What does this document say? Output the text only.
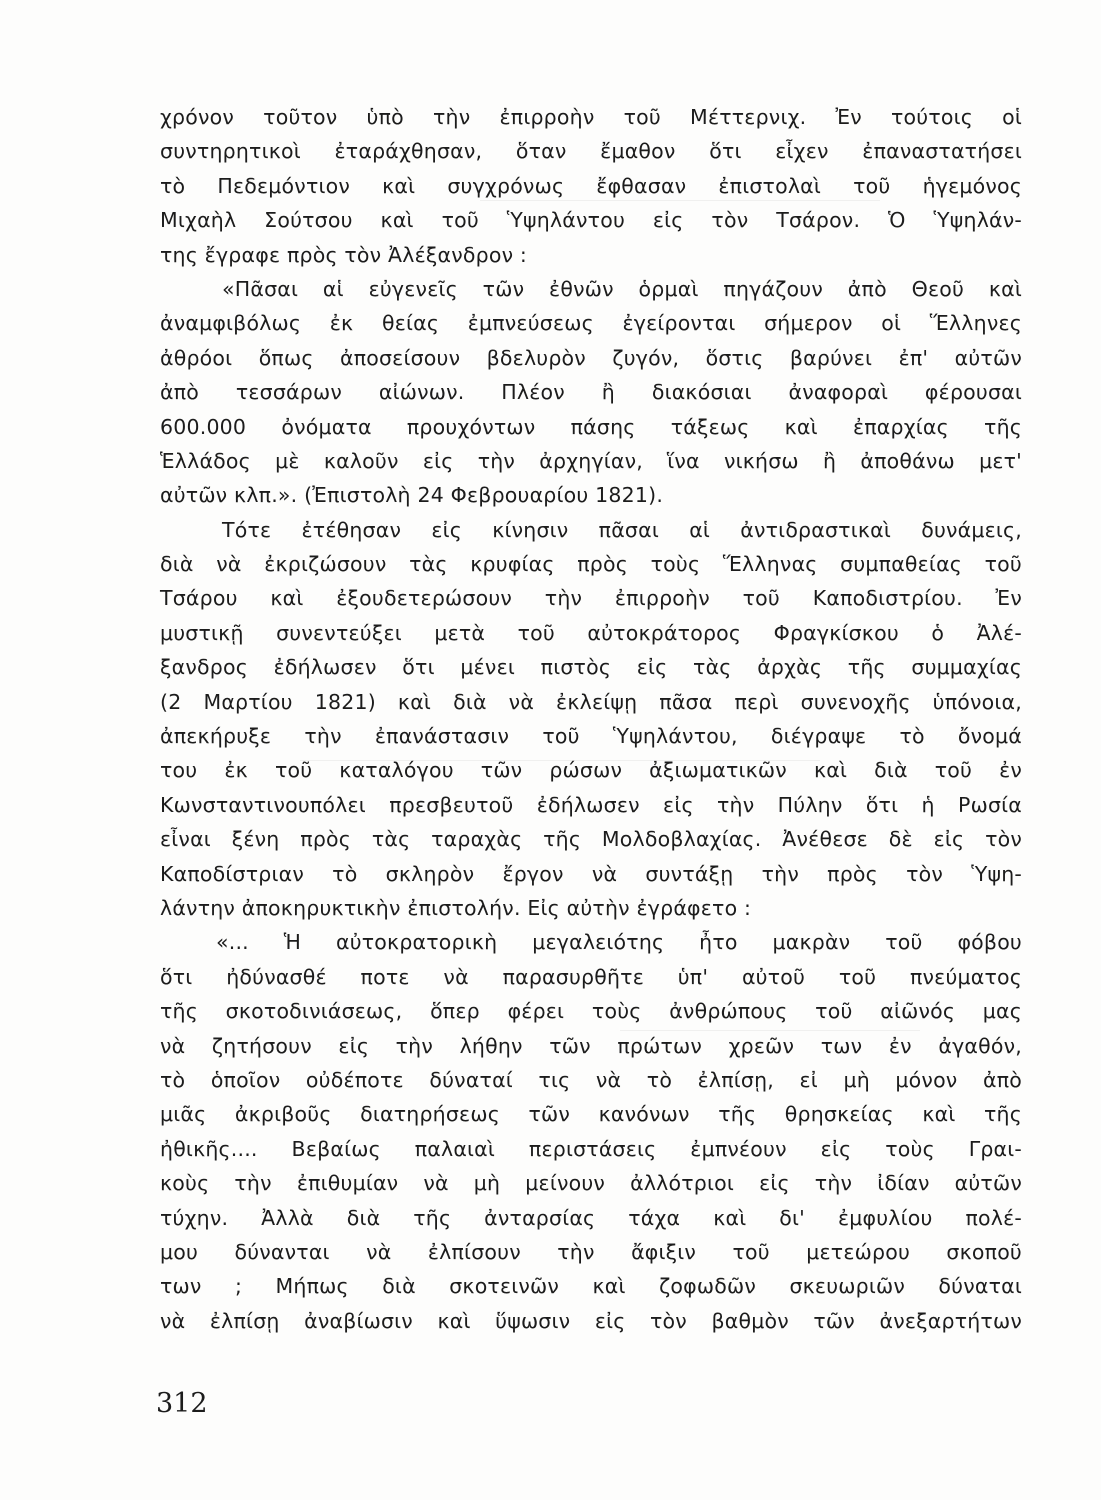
χρόνον τοῦτον ὑπὸ τὴν ἐπιρροὴν τοῦ Μέττερνιχ. Ἐν τούτοις οἱ
συντηρητικοὶ ἐταράχθησαν, ὅταν ἔμαθον ὅτι εἶχεν ἐπαναστατήσει
τὸ Πεδεμόντιον καὶ συγχρόνως ἔφθασαν ἐπιστολαὶ τοῦ ἡγεμόνος
Μιχαὴλ Σούτσου καὶ τοῦ Ὑψηλάντου εἰς τὸν Τσάρον. Ὁ Ὑψηλάν-
της ἔγραφε πρὸς τὸν Ἀλέξανδρον :
«Πᾶσαι αἱ εὐγενεῖς τῶν ἐθνῶν ὁρμαὶ πηγάζουν ἀπὸ Θεοῦ καὶ
ἀναμφιβόλως ἐκ θείας ἐμπνεύσεως ἐγείρονται σήμερον οἱ Ἕλληνες
ἀθρόοι ὅπως ἀποσείσουν βδελυρὸν ζυγόν, ὅστις βαρύνει ἐπ' αὐτῶν
ἀπὸ τεσσάρων αἰώνων. Πλέον ἢ διακόσιαι ἀναφοραὶ φέρουσαι
600.000 ὀνόματα προυχόντων πάσης τάξεως καὶ ἐπαρχίας τῆς
Ἑλλάδος μὲ καλοῦν εἰς τὴν ἀρχηγίαν, ἵνα νικήσω ἢ ἀποθάνω μετ'
αὐτῶν κλπ.». (Ἐπιστολὴ 24 Φεβρουαρίου 1821).
Τότε ἐτέθησαν εἰς κίνησιν πᾶσαι αἱ ἀντιδραστικαὶ δυνάμεις,
διὰ νὰ ἐκριζώσουν τὰς κρυφίας πρὸς τοὺς Ἕλληνας συμπαθείας τοῦ
Τσάρου καὶ ἐξουδετερώσουν τὴν ἐπιρροὴν τοῦ Καποδιστρίου. Ἐν
μυστικῇ συνεντεύξει μετὰ τοῦ αὐτοκράτορος Φραγκίσκου ὁ Ἀλέ-
ξανδρος ἐδήλωσεν ὅτι μένει πιστὸς εἰς τὰς ἀρχὰς τῆς συμμαχίας
(2 Μαρτίου 1821) καὶ διὰ νὰ ἐκλείψῃ πᾶσα περὶ συνενοχῆς ὑπόνοια,
ἀπεκήρυξε τὴν ἐπανάστασιν τοῦ Ὑψηλάντου, διέγραψε τὸ ὄνομά
του ἐκ τοῦ καταλόγου τῶν ρώσων ἀξιωματικῶν καὶ διὰ τοῦ ἐν
Κωνσταντινουπόλει πρεσβευτοῦ ἐδήλωσεν εἰς τὴν Πύλην ὅτι ἡ Ρωσία
εἶναι ξένη πρὸς τὰς ταραχὰς τῆς Μολδοβλαχίας. Ἀνέθεσε δὲ εἰς τὸν
Καποδίστριαν τὸ σκληρὸν ἔργον νὰ συντάξῃ τὴν πρὸς τὸν Ὑψη-
λάντην ἀποκηρυκτικὴν ἐπιστολήν. Εἰς αὐτὴν ἐγράφετο :
«... Ἡ αὐτοκρατορικὴ μεγαλειότης ἦτο μακρὰν τοῦ φόβου
ὅτι ἠδύνασθέ ποτε νὰ παρασυρθῆτε ὑπ' αὐτοῦ τοῦ πνεύματος
τῆς σκοτοδινιάσεως, ὅπερ φέρει τοὺς ἀνθρώπους τοῦ αἰῶνός μας
νὰ ζητήσουν εἰς τὴν λήθην τῶν πρώτων χρεῶν των ἐν ἀγαθόν,
τὸ ὁποῖον οὐδέποτε δύναταί τις νὰ τὸ ἐλπίσῃ, εἰ μὴ μόνον ἀπὸ
μιᾶς ἀκριβοῦς διατηρήσεως τῶν κανόνων τῆς θρησκείας καὶ τῆς
ἠθικῆς.... Βεβαίως παλαιαὶ περιστάσεις ἐμπνέουν εἰς τοὺς Γραι-
κοὺς τὴν ἐπιθυμίαν νὰ μὴ μείνουν ἀλλότριοι εἰς τὴν ἰδίαν αὐτῶν
τύχην. Ἀλλὰ διὰ τῆς ἀνταρσίας τάχα καὶ δι' ἐμφυλίου πολέ-
μου δύνανται νὰ ἐλπίσουν τὴν ἄφιξιν τοῦ μετεώρου σκοποῦ
των ; Μήπως διὰ σκοτεινῶν καὶ ζοφωδῶν σκευωριῶν δύναται
νὰ ἐλπίσῃ ἀναβίωσιν καὶ ὕψωσιν εἰς τὸν βαθμὸν τῶν ἀνεξαρτήτων
312
